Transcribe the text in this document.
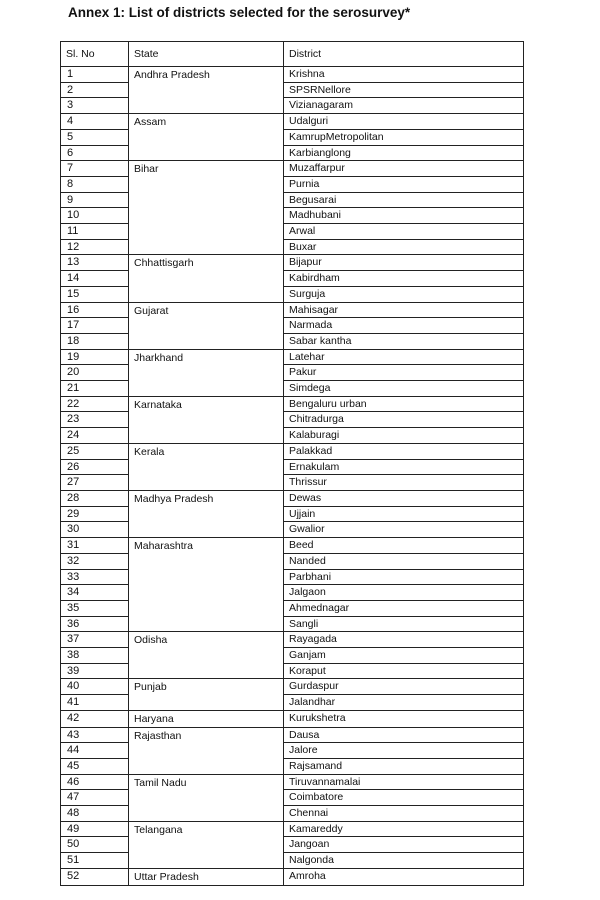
Annex 1: List of districts selected for the serosurvey*
Sl. No	State	District
1	Andhra Pradesh	Krishna
2		SPSRNellore
3		Vizianagaram
4	Assam	Udalguri
5		KamrupMetropolitan
6		Karbianglong
7	Bihar	Muzaffarpur
8		Purnia
9		Begusarai
10		Madhubani
11		Arwal
12		Buxar
13	Chhattisgarh	Bijapur
14		Kabirdham
15		Surguja
16	Gujarat	Mahisagar
17		Narmada
18		Sabar kantha
19	Jharkhand	Latehar
20		Pakur
21		Simdega
22	Karnataka	Bengaluru urban
23		Chitradurga
24		Kalaburagi
25	Kerala	Palakkad
26		Ernakulam
27		Thrissur
28	Madhya Pradesh	Dewas
29		Ujjain
30		Gwalior
31	Maharashtra	Beed
32		Nanded
33		Parbhani
34		Jalgaon
35		Ahmednagar
36		Sangli
37	Odisha	Rayagada
38		Ganjam
39		Koraput
40	Punjab	Gurdaspur
41		Jalandhar
42	Haryana	Kurukshetra
43	Rajasthan	Dausa
44		Jalore
45		Rajsamand
46	Tamil Nadu	Tiruvannamalai
47		Coimbatore
48		Chennai
49	Telangana	Kamareddy
50		Jangoan
51		Nalgonda
52	Uttar Pradesh	Amroha
